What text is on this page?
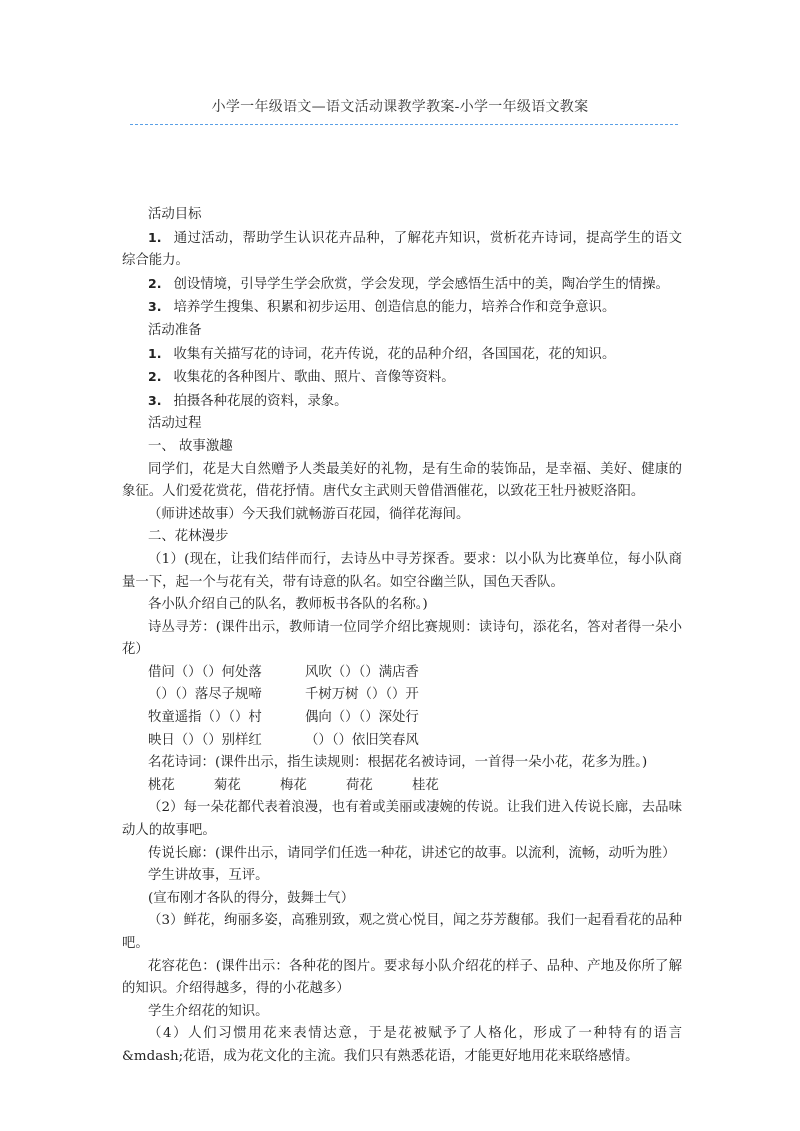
小学一年级语文—语文活动课教学教案-小学一年级语文教案

活动目标

1. 通过活动，帮助学生认识花卉品种，了解花卉知识，赏析花卉诗词，提高学生的语文综合能力。

2. 创设情境，引导学生学会欣赏，学会发现，学会感悟生活中的美，陶冶学生的情操。

3. 培养学生搜集、积累和初步运用、创造信息的能力，培养合作和竞争意识。

活动准备

1. 收集有关描写花的诗词，花卉传说，花的品种介绍，各国国花，花的知识。

2. 收集花的各种图片、歌曲、照片、音像等资料。

3. 拍摄各种花展的资料，录象。

活动过程

一、 故事激趣

同学们，花是大自然赠予人类最美好的礼物，是有生命的装饰品，是幸福、美好、健康的象征。人们爱花赏花，借花抒情。唐代女主武则天曾借酒催花，以致花王牡丹被贬洛阳。

（师讲述故事）今天我们就畅游百花园，徜徉花海间。

二、花林漫步

（1）(现在，让我们结伴而行，去诗丛中寻芳探香。要求：以小队为比赛单位，每小队商量一下，起一个与花有关，带有诗意的队名。如空谷幽兰队，国色天香队。

各小队介绍自己的队名，教师板书各队的名称。)

诗丛寻芳：(课件出示，教师请一位同学介绍比赛规则：读诗句，添花名，答对者得一朵小花）

借问（）（）何处落	风吹（）（）满店香

（）（）落尽子规啼	千树万树（）（）开

牧童遥指（）（）村	偶向（）（）深处行

映日（）（）别样红	（）（）依旧笑春风

名花诗词：(课件出示，指生读规则：根据花名被诗词，一首得一朵小花，花多为胜。)

桃花	菊花	梅花	荷花	桂花

（2）每一朵花都代表着浪漫，也有着或美丽或凄婉的传说。让我们进入传说长廊，去品味动人的故事吧。

传说长廊：(课件出示，请同学们任选一种花，讲述它的故事。以流利，流畅，动听为胜）

学生讲故事，互评。

(宣布刚才各队的得分，鼓舞士气）

（3）鲜花，绚丽多姿，高雅别致，观之赏心悦目，闻之芬芳馥郁。我们一起看看花的品种吧。

花容花色：(课件出示：各种花的图片。要求每小队介绍花的样子、品种、产地及你所了解的知识。介绍得越多，得的小花越多）

学生介绍花的知识。

（4）人们习惯用花来表情达意，于是花被赋予了人格化，形成了一种特有的语言&mdash;花语，成为花文化的主流。我们只有熟悉花语，才能更好地用花来联络感情。
